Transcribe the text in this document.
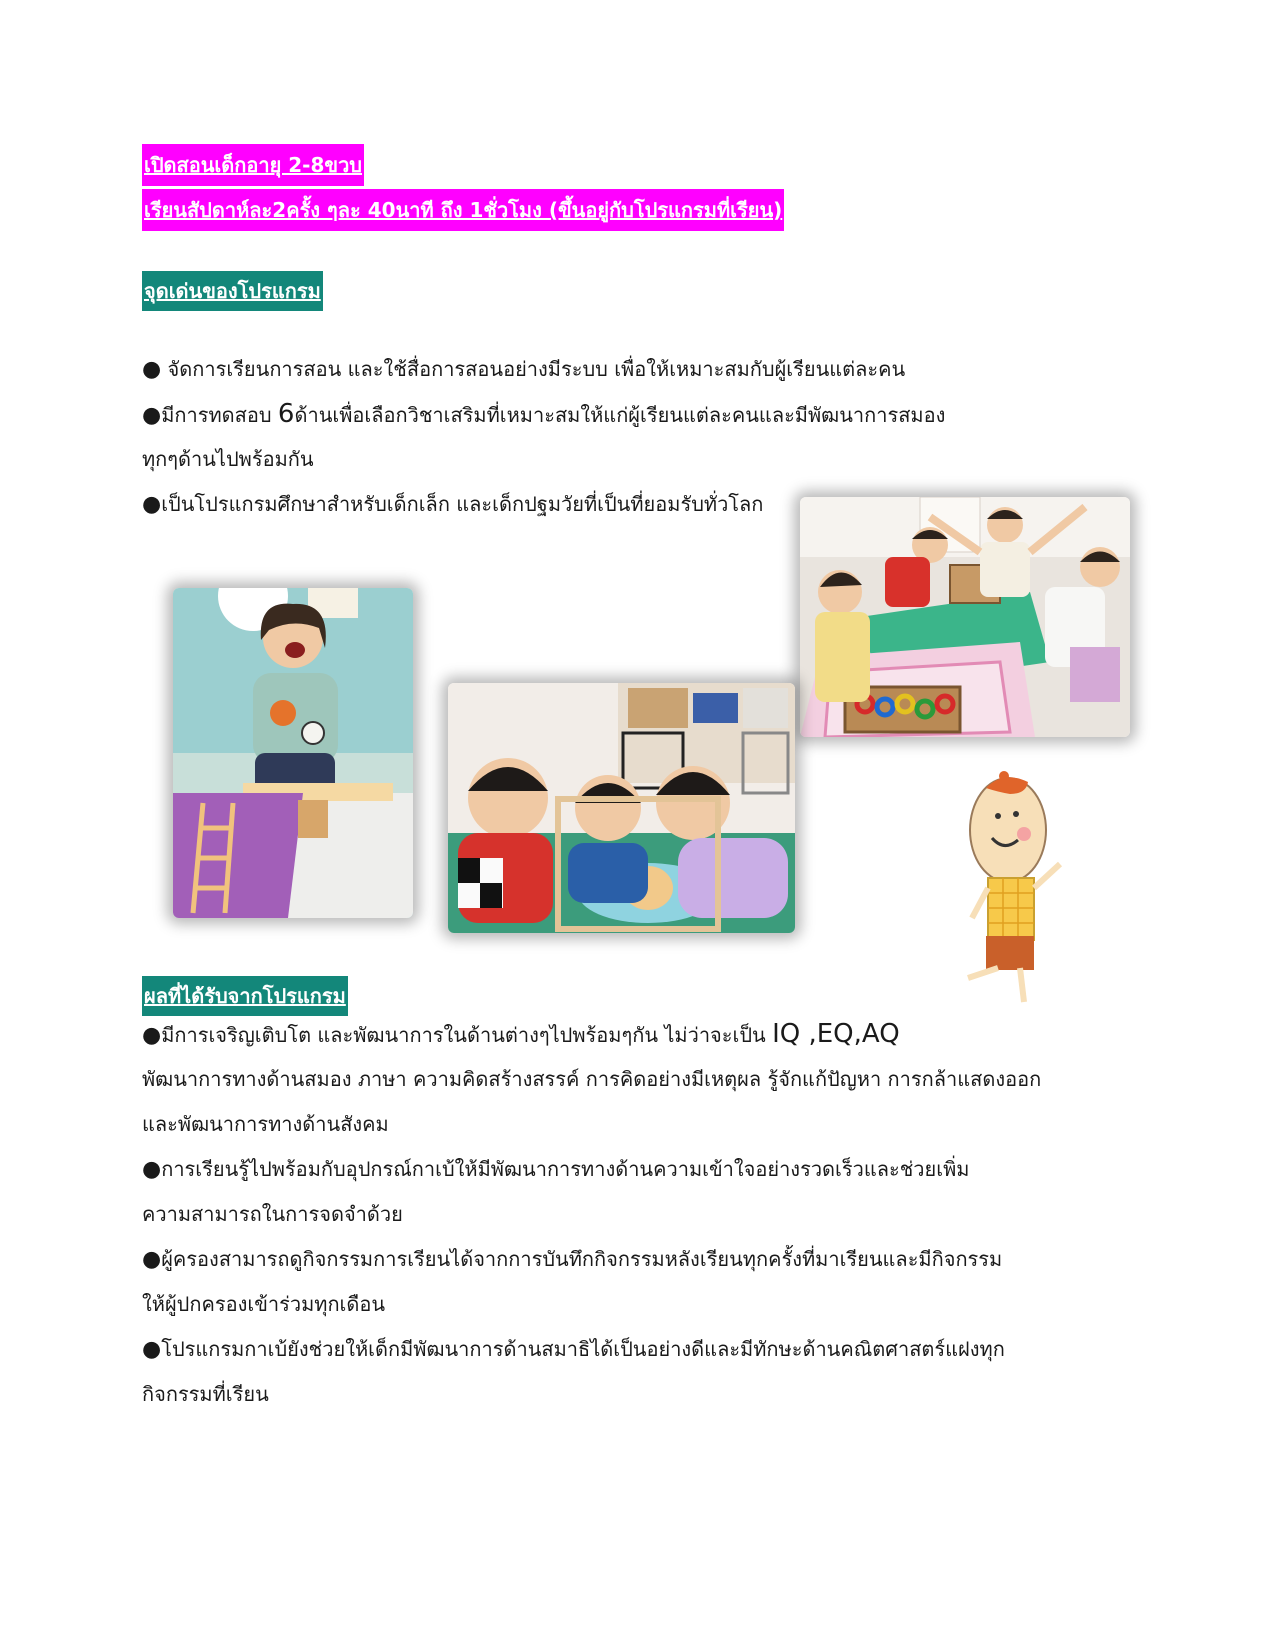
เปิดสอนเด็กอายุ 2-8ขวบ
เรียนสัปดาห์ละ2ครั้ง ๆละ 40นาที ถึง 1ชั่วโมง (ขึ้นอยู่กับโปรแกรมที่เรียน)
จุดเด่นของโปรแกรม
● จัดการเรียนการสอน และใช้สื่อการสอนอย่างมีระบบ เพื่อให้เหมาะสมกับผู้เรียนแต่ละคน
●มีการทดสอบ 6ด้านเพื่อเลือกวิชาเสริมที่เหมาะสมให้แก่ผู้เรียนแต่ละคนและมีพัฒนาการสมอง
ทุกๆด้านไปพร้อมกัน
●เป็นโปรแกรมศึกษาสำหรับเด็กเล็ก และเด็กปฐมวัยที่เป็นที่ยอมรับทั่วโลก
ผลที่ได้รับจากโปรแกรม
●มีการเจริญเติบโต และพัฒนาการในด้านต่างๆไปพร้อมๆกัน ไม่ว่าจะเป็น IQ ,EQ,AQ
พัฒนาการทางด้านสมอง ภาษา ความคิดสร้างสรรค์ การคิดอย่างมีเหตุผล รู้จักแก้ปัญหา การกล้าแสดงออก
และพัฒนาการทางด้านสังคม
●การเรียนรู้ไปพร้อมกับอุปกรณ์กาเบ้ให้มีพัฒนาการทางด้านความเข้าใจอย่างรวดเร็วและช่วยเพิ่ม
ความสามารถในการจดจำด้วย
●ผู้ครองสามารถดูกิจกรรมการเรียนได้จากการบันทึกกิจกรรมหลังเรียนทุกครั้งที่มาเรียนและมีกิจกรรม
ให้ผู้ปกครองเข้าร่วมทุกเดือน
●โปรแกรมกาเบ้ยังช่วยให้เด็กมีพัฒนาการด้านสมาธิได้เป็นอย่างดีและมีทักษะด้านคณิตศาสตร์แฝงทุก
กิจกรรมที่เรียน
